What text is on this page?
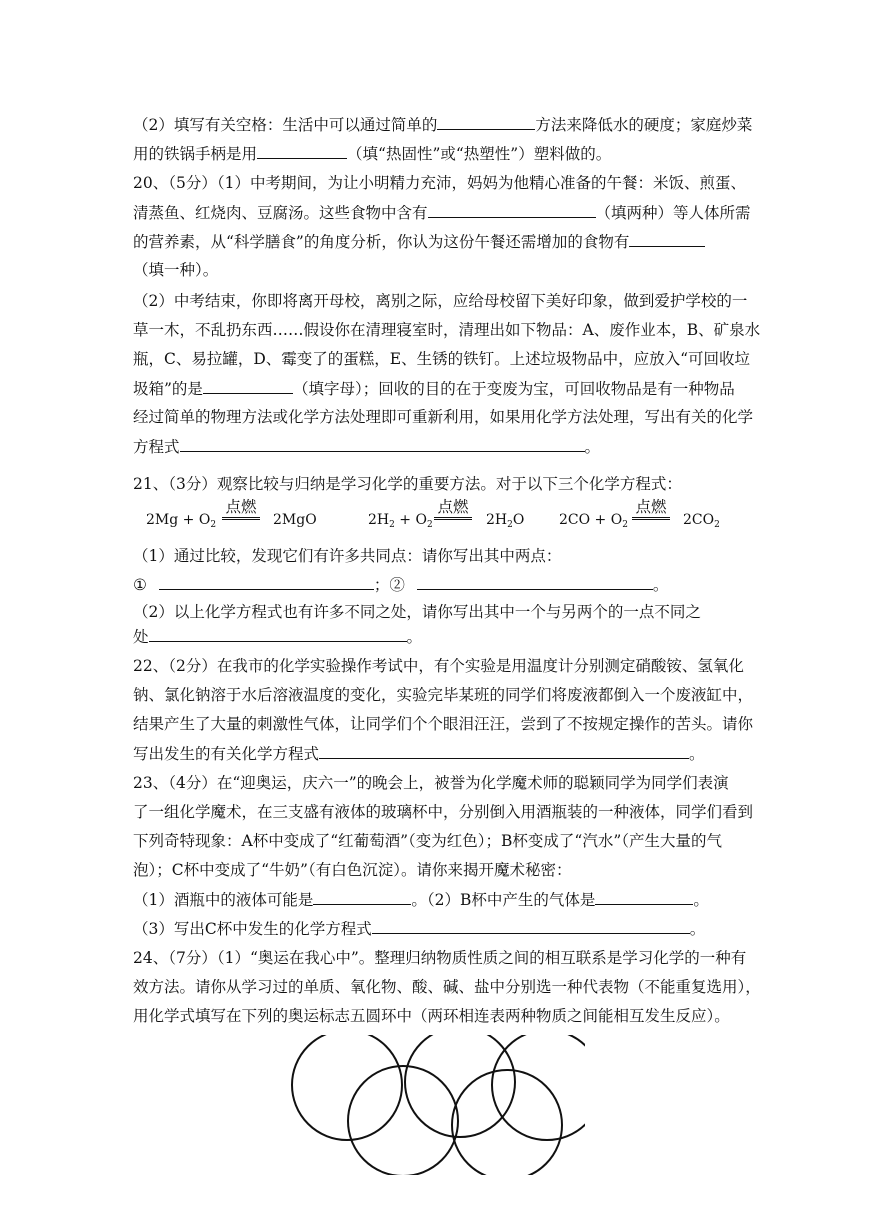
（2）填写有关空格：生活中可以通过简单的	方法来降低水的硬度；家庭炒菜
用的铁锅手柄是用	（填“热固性”或“热塑性”）塑料做的。
20、（5分）（1）中考期间，为让小明精力充沛，妈妈为他精心准备的午餐：米饭、煎蛋、
清蒸鱼、红烧肉、豆腐汤。这些食物中含有	（填两种）等人体所需
的营养素，从“科学膳食”的角度分析，你认为这份午餐还需增加的食物有
（填一种）。
（2）中考结束，你即将离开母校，离别之际，应给母校留下美好印象，做到爱护学校的一
草一木，不乱扔东西……假设你在清理寝室时，清理出如下物品：A、废作业本，B、矿泉水
瓶，C、易拉罐，D、霉变了的蛋糕，E、生锈的铁钉。上述垃圾物品中，应放入“可回收垃
圾箱”的是	（填字母）；回收的目的在于变废为宝，可回收物品是有一种物品
经过简单的物理方法或化学方法处理即可重新利用，如果用化学方法处理，写出有关的化学
方程式	。
21、（3分）观察比较与归纳是学习化学的重要方法。对于以下三个化学方程式：
$2Mg + O_2$
点燃
2MgO	$2H_2 + O_2$
点燃
$2H_2O$ $2CO + O_2$
点燃
$2CO_2$
（1）通过比较，发现它们有许多共同点：请你写出其中两点：
①	；②	。
（2）以上化学方程式也有许多不同之处，请你写出其中一个与另两个的一点不同之
处	。
22、（2分）在我市的化学实验操作考试中，有个实验是用温度计分别测定硝酸铵、氢氧化
钠、氯化钠溶于水后溶液温度的变化，实验完毕某班的同学们将废液都倒入一个废液缸中，
结果产生了大量的刺激性气体，让同学们个个眼泪汪汪，尝到了不按规定操作的苦头。请你
写出发生的有关化学方程式	。
23、（4分）在“迎奥运，庆六一”的晚会上，被誉为化学魔术师的聪颖同学为同学们表演
了一组化学魔术，在三支盛有液体的玻璃杯中，分别倒入用酒瓶装的一种液体，同学们看到
下列奇特现象：A杯中变成了“红葡萄酒”（变为红色）；B杯变成了“汽水”（产生大量的气
泡）；C杯中变成了“牛奶”（有白色沉淀）。请你来揭开魔术秘密：
（1）酒瓶中的液体可能是	。（2）B杯中产生的气体是	。
（3）写出C杯中发生的化学方程式	。
24、（7分）（1）“奥运在我心中”。整理归纳物质性质之间的相互联系是学习化学的一种有
效方法。请你从学习过的单质、氧化物、酸、碱、盐中分别选一种代表物（不能重复选用），
用化学式填写在下列的奥运标志五圆环中（两环相连表两种物质之间能相互发生反应）。
